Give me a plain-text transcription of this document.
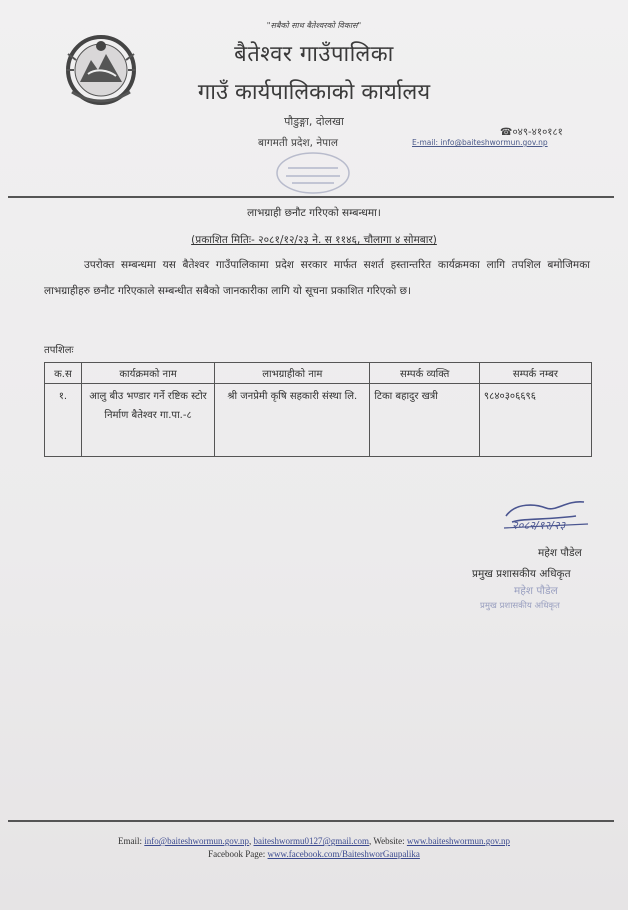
"सबैको साथ बैतेश्वरको विकास"
बैतेश्वर गाउँपालिका
गाउँ कार्यपालिकाको कार्यालय
पौडुङ्गा, दोलखा
बागमती प्रदेश, नेपाल
☎०४९-४१०१८१
E-mail: info@baiteshwormun.gov.np
लाभग्राही छनौट गरिएको सम्बन्धमा।
(प्रकाशित मितिः- २०८१/१२/२३ ने. स ११४६, चौलागा ४ सोमबार)
उपरोक्त सम्बन्धमा यस बैतेश्वर गाउँपालिकामा प्रदेश सरकार मार्फत सशर्त हस्तान्तरित कार्यक्रमका लागि तपशिल बमोजिमका लाभग्राहीहरु छनौट गरिएकाले सम्बन्धीत सबैको जानकारीका लागि यो सूचना प्रकाशित गरिएको छ।
तपशिलः
क.स	कार्यक्रमको नाम	लाभग्राहीको नाम	सम्पर्क व्यक्ति	सम्पर्क नम्बर
१.	आलु बीउ भण्डार गर्ने रष्टिक स्टोर निर्माण बैतेश्वर गा.पा.-८	श्री जनप्रेमी कृषि सहकारी संस्था लि.	टिका बहादुर खत्री	९८४०३०६६९६
२०८२/१२/२३
महेश पौडेल
प्रमुख प्रशासकीय अधिकृत
महेश पौडेल
प्रमुख प्रशासकीय अधिकृत
Email: info@baiteshwormun.gov.np, baiteshwormu0127@gmail.com, Website: www.baiteshwormun.gov.np
Facebook Page: www.facebook.com/BaiteshworGaupalika
